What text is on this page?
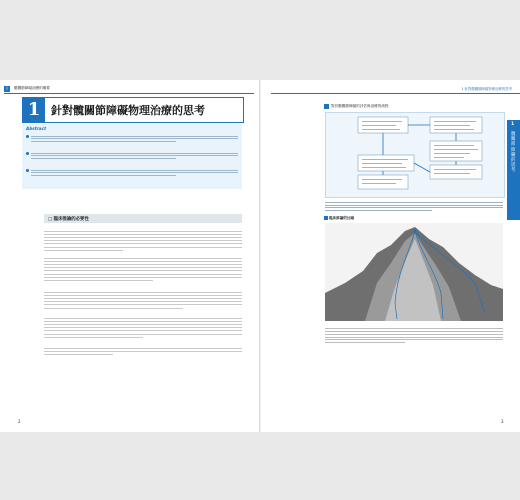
I	髖關節障礙治療的概要
1 針對髖關節障礙物理治療的思考
Abstract
□ 臨床推論的必要性
2
1 針對髖關節障礙物理治療的思考
1
髖關節障礙的思考
對於髖關節障礙的評估與治療的流程
臨床推論的比喻
3
